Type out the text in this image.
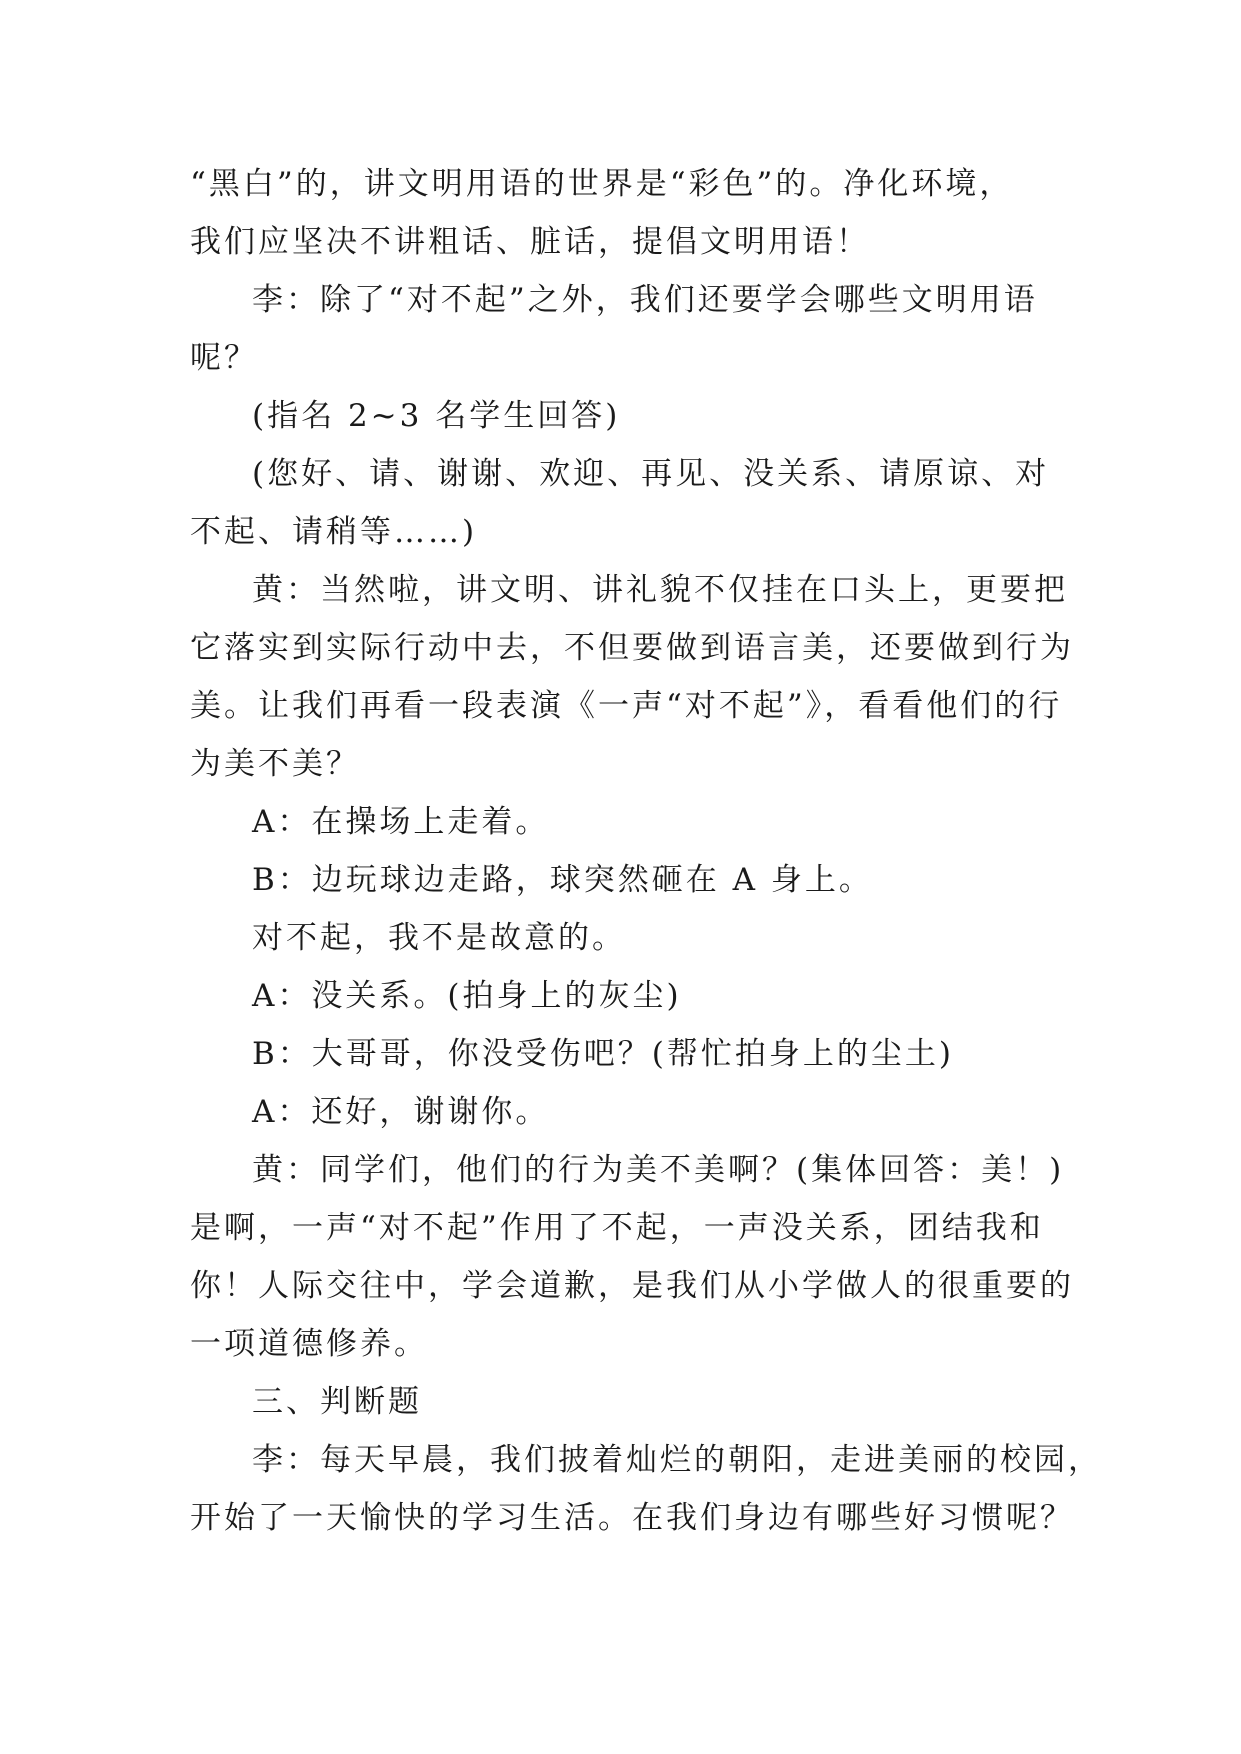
“黑白”的，讲文明用语的世界是“彩色”的。净化环境，
我们应坚决不讲粗话、脏话，提倡文明用语！
李：除了“对不起”之外，我们还要学会哪些文明用语
呢？
(指名 2~3 名学生回答)
(您好、请、谢谢、欢迎、再见、没关系、请原谅、对
不起、请稍等……)
黄：当然啦，讲文明、讲礼貌不仅挂在口头上，更要把
它落实到实际行动中去，不但要做到语言美，还要做到行为
美。让我们再看一段表演《一声“对不起”》，看看他们的行
为美不美？
A：在操场上走着。
B：边玩球边走路，球突然砸在 A 身上。
对不起，我不是故意的。
A：没关系。(拍身上的灰尘)
B：大哥哥，你没受伤吧？(帮忙拍身上的尘土)
A：还好，谢谢你。
黄：同学们，他们的行为美不美啊？(集体回答：美！)
是啊，一声“对不起”作用了不起，一声没关系，团结我和
你！人际交往中，学会道歉，是我们从小学做人的很重要的
一项道德修养。
三、判断题
李：每天早晨，我们披着灿烂的朝阳，走进美丽的校园，
开始了一天愉快的学习生活。在我们身边有哪些好习惯呢？
